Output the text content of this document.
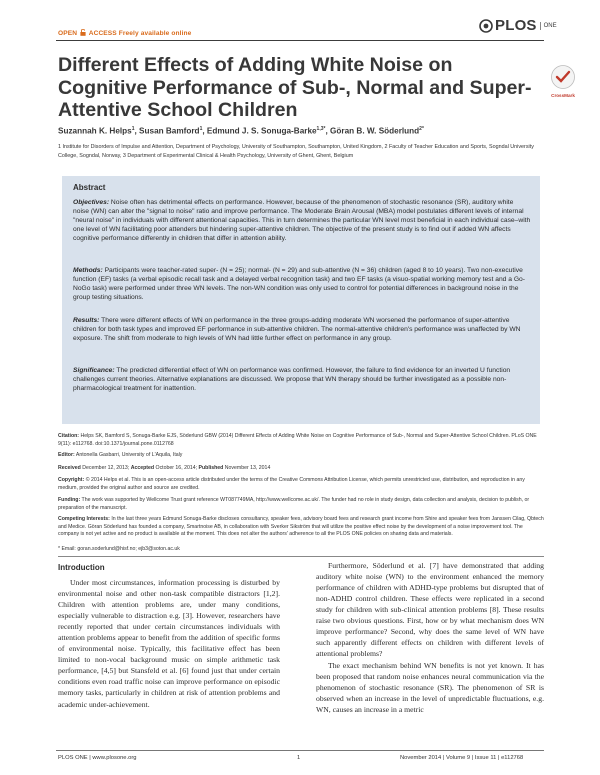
OPEN ACCESS Freely available online	PLOS	ONE
Different Effects of Adding White Noise on Cognitive Performance of Sub-, Normal and Super-Attentive School Children
CrossMark
Suzannah K. Helps$^1$, Susan Bamford$^1$, Edmund J. S. Sonuga-Barke$^{1,3*}$, Göran B. W. Söderlund$^{2*}$
1 Institute for Disorders of Impulse and Attention, Department of Psychology, University of Southampton, Southampton, United Kingdom, 2 Faculty of Teacher Education and Sports, Sogndal University College, Sogndal, Norway, 3 Department of Experimental Clinical & Health Psychology, University of Ghent, Ghent, Belgium
Abstract

Objectives: Noise often has detrimental effects on performance. However, because of the phenomenon of stochastic resonance (SR), auditory white noise (WN) can alter the "signal to noise" ratio and improve performance. The Moderate Brain Arousal (MBA) model postulates different levels of internal "neural noise" in individuals with different attentional capacities. This in turn determines the particular WN level most beneficial in each individual case–with one level of WN facilitating poor attenders but hindering super-attentive children. The objective of the present study is to find out if added WN affects cognitive performance differently in children that differ in attention ability.

Methods: Participants were teacher-rated super- (N = 25); normal- (N = 29) and sub-attentive (N = 36) children (aged 8 to 10 years). Two non-executive function (EF) tasks (a verbal episodic recall task and a delayed verbal recognition task) and two EF tasks (a visuo-spatial working memory test and a Go-NoGo task) were performed under three WN levels. The non-WN condition was only used to control for potential differences in background noise in the group testing situations.

Results: There were different effects of WN on performance in the three groups-adding moderate WN worsened the performance of super-attentive children for both task types and improved EF performance in sub-attentive children. The normal-attentive children's performance was unaffected by WN exposure. The shift from moderate to high levels of WN had little further effect on performance in any group.

Significance: The predicted differential effect of WN on performance was confirmed. However, the failure to find evidence for an inverted U function challenges current theories. Alternative explanations are discussed. We propose that WN therapy should be further investigated as a possible non-pharmacological treatment for inattention.

Citation: Helps SK, Bamford S, Sonuga-Barke EJS, Söderlund GBW (2014) Different Effects of Adding White Noise on Cognitive Performance of Sub-, Normal and Super-Attentive School Children. PLoS ONE 9(11): e112768. doi:10.1371/journal.pone.0112768

Editor: Antonella Gasbarri, University of L'Aquila, Italy

Received December 12, 2013; Accepted October 16, 2014; Published November 13, 2014

Copyright: © 2014 Helps et al. This is an open-access article distributed under the terms of the Creative Commons Attribution License, which permits unrestricted use, distribution, and reproduction in any medium, provided the original author and source are credited.

Funding: The work was supported by Wellcome Trust grant reference WT087749MA, http://www.wellcome.ac.uk/. The funder had no role in study design, data collection and analysis, decision to publish, or preparation of the manuscript.

Competing Interests: In the last three years Edmund Sonuga-Barke discloses consultancy, speaker fees, advisory board fees and research grant income from Shire and speaker fees from Janssen Cilag, Qbtech and Medice. Göran Söderlund has founded a company, Smartnoise AB, in collaboration with Sverker Sikström that will utilize the positive effect noise by the development of a noise improvement tool. The company is not yet active and no product is available at the moment. This does not alter the authors' adherence to all the PLOS ONE policies on sharing data and materials.

* Email: goran.soderlund@hisf.no; ejb3@soton.ac.uk

Introduction

Under most circumstances, information processing is disturbed by environmental noise and other non-task compatible distractors [1,2]. Children with attention problems are, under many conditions, especially vulnerable to distraction e.g. [3]. However, researchers have recently reported that under certain circumstances individuals with attention problems appear to benefit from the addition of specific forms of environmental noise. Typically, this facilitative effect has been limited to non-vocal background music on simple arithmetic task performance, [4,5] but Stansfeld et al. [6] found just that under certain conditions even road traffic noise can improve performance on episodic memory tasks, particularly in children at risk of attention problems and academic under-achievement.

Furthermore, Söderlund et al. [7] have demonstrated that adding auditory white noise (WN) to the environment enhanced the memory performance of children with ADHD-type problems but disrupted that of non-ADHD control children. These effects were replicated in a second study for children with sub-clinical attention problems [8]. These results raise two obvious questions. First, how or by what mechanism does WN improve performance? Second, why does the same level of WN have such apparently different effects on children with different levels of attentional problems?

The exact mechanism behind WN benefits is not yet known. It has been proposed that random noise enhances neural communication via the phenomenon of stochastic resonance (SR). The phenomenon of SR is observed when an increase in the level of unpredictable fluctuations, e.g. WN, causes an increase in a metric

PLOS ONE | www.plosone.org	1	November 2014 | Volume 9 | Issue 11 | e112768
